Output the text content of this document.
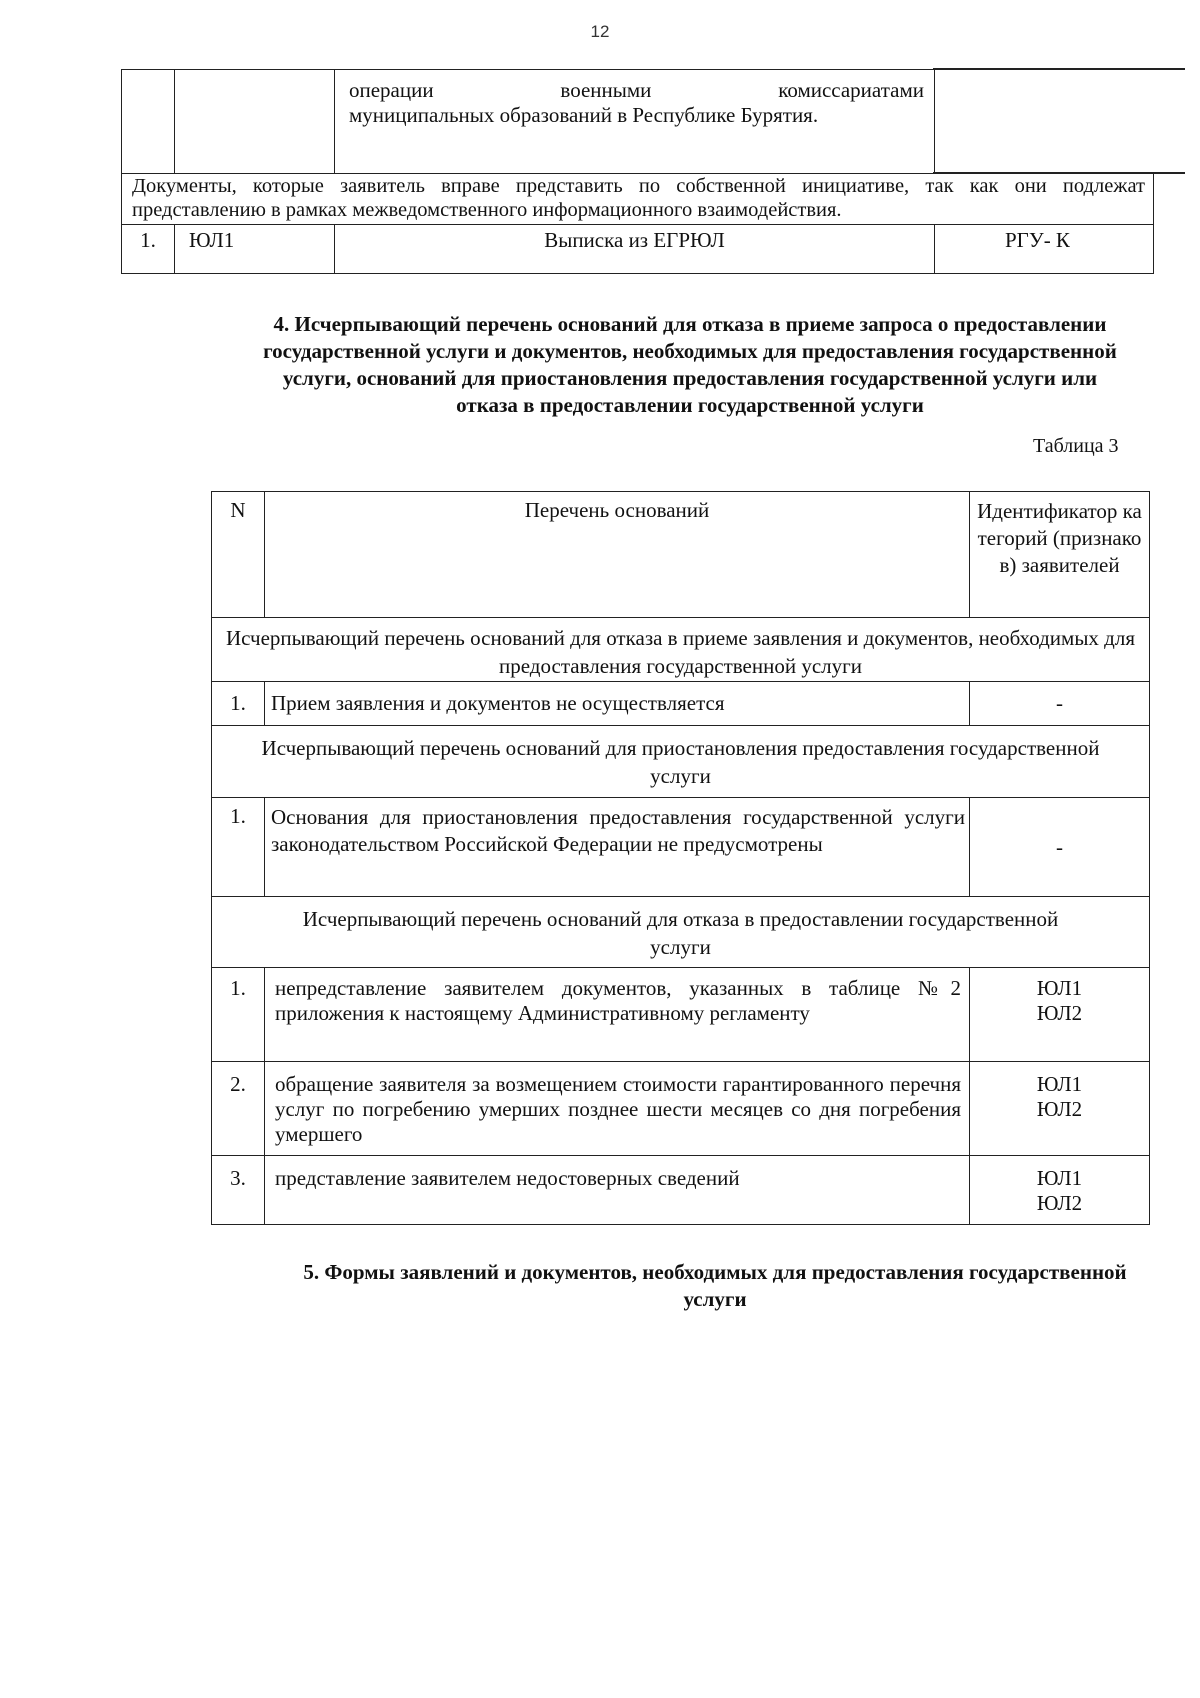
12

		операции военными комиссариатами
муниципальных образований в Республике Бурятия.	

Документы, которые заявитель вправе представить по собственной инициативе, так как они подлежат представлению в рамках межведомственного информационного взаимодействия.			
1.	ЮЛ1	Выписка из ЕГРЮЛ	РГУ- К
4. Исчерпывающий перечень оснований для отказа в приеме запроса о предоставлении государственной услуги и документов, необходимых для предоставления государственной услуги, оснований для приостановления предоставления государственной услуги или отказа в предоставлении государственной услуги
Таблица 3
N	Перечень оснований	Идентификатор категорий (признаков) заявителей
Исчерпывающий перечень оснований для отказа в приеме заявления и документов, необходимых для предоставления государственной услуги		
1.	Прием заявления и документов не осуществляется	-
Исчерпывающий перечень оснований для приостановления предоставления государственной услуги		
1.	Основания для приостановления предоставления государственной услуги законодательством Российской Федерации не предусмотрены	-
Исчерпывающий перечень оснований для отказа в предоставлении государственной услуги		
1.	непредставление заявителем документов, указанных в таблице №2 приложения к настоящему Административному регламенту	ЮЛ1
ЮЛ2

2.	обращение заявителя за возмещением стоимости гарантированного перечня услуг по погребению умерших позднее шести месяцев со дня погребения умершего	ЮЛ1
ЮЛ2

3.	представление заявителем недостоверных сведений	ЮЛ1
ЮЛ2
5. Формы заявлений и документов, необходимых для предоставления государственной услуги
